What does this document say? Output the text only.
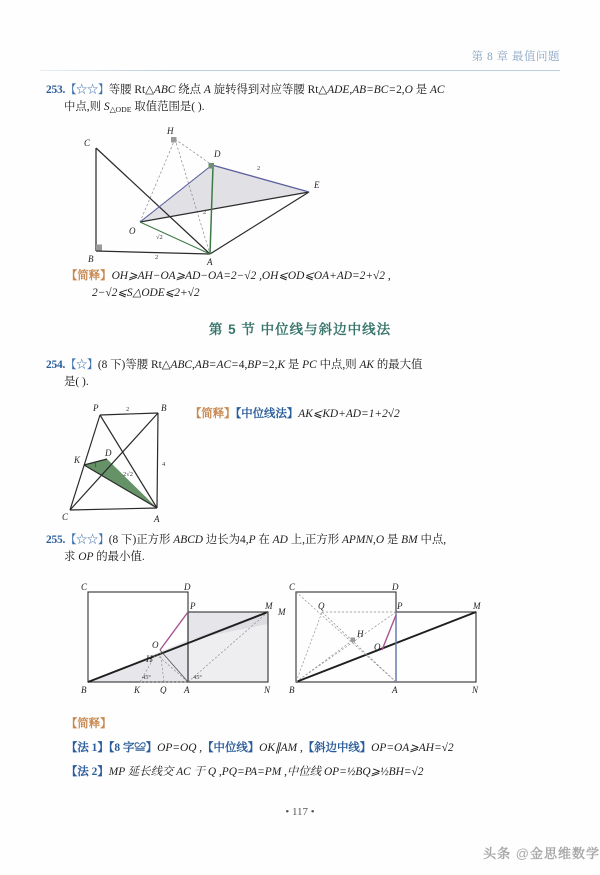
第 8 章 最值问题
253.【☆☆】等腰 Rt△ABC 绕点 A 旋转得到对应等腰 Rt△ADE,AB=BC=2,O 是 AC
中点,则 $S_{\triangle ODE}$ 取值范围是( ).
C
H
D
E
O
B	A
2
2
2
√2
【简释】OH⩾AH−OA⩾AD−OA=2−√2 ,OH⩽OD⩽OA+AD=2+√2 ,
2−√2⩽S△ODE⩽2+√2
第 5 节 中位线与斜边中线法
254.【☆】(8 下)等腰 Rt△ABC,AB=AC=4,BP=2,K 是 PC 中点,则 AK 的最大值
是( ).
P	B
K
D
C	A
2
1
2√2
4
【简释】【中位线法】AK⩽KD+AD=1+2√2
255.【☆☆】(8 下)正方形 ABCD 边长为4,P 在 AD 上,正方形 APMN,O 是 BM 中点,
求 OP 的最小值.
45°	45°
C	D
P	M
O
H
B	K Q A	N
C	D
M
Q	P	M
H
O
B	A	N
【简释】
【法 1】【8 字≌】OP=OQ ,【中位线】OK∥AM ,【斜边中线】OP=OA⩾AH=√2
【法 2】MP 延长线交 AC 于 Q ,PQ=PA=PM ,中位线 OP=½BQ⩾½BH=√2
• 117 •
头条 @金思维数学
